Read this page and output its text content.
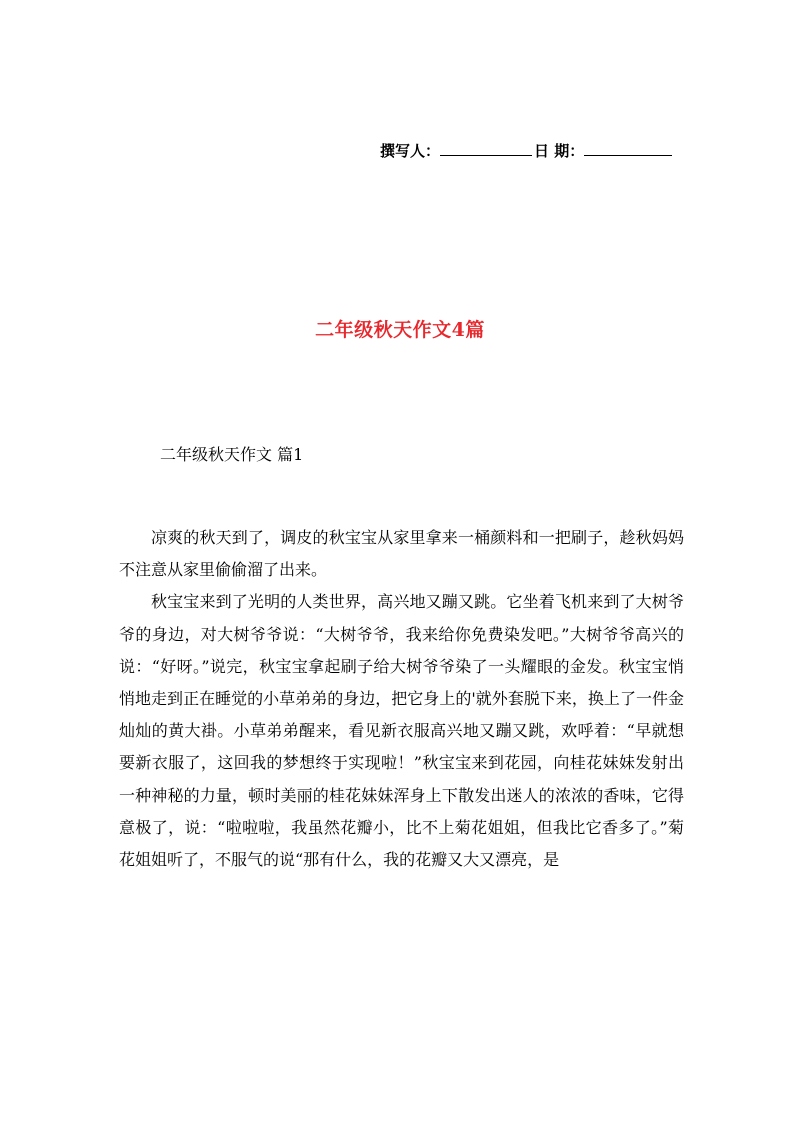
撰写人：	日 期：
二年级秋天作文4篇
二年级秋天作文 篇1

凉爽的秋天到了，调皮的秋宝宝从家里拿来一桶颜料和一把刷子，趁秋妈妈不注意从家里偷偷溜了出来。

秋宝宝来到了光明的人类世界，高兴地又蹦又跳。它坐着飞机来到了大树爷爷的身边，对大树爷爷说：“大树爷爷，我来给你免费染发吧。”大树爷爷高兴的说：“好呀。”说完，秋宝宝拿起刷子给大树爷爷染了一头耀眼的金发。秋宝宝悄悄地走到正在睡觉的小草弟弟的身边，把它身上的'就外套脱下来，换上了一件金灿灿的黄大褂。小草弟弟醒来，看见新衣服高兴地又蹦又跳，欢呼着：“早就想要新衣服了，这回我的梦想终于实现啦！”秋宝宝来到花园，向桂花妹妹发射出一种神秘的力量，顿时美丽的桂花妹妹浑身上下散发出迷人的浓浓的香味，它得意极了，说：“啦啦啦，我虽然花瓣小，比不上菊花姐姐，但我比它香多了。”菊花姐姐听了，不服气的说“那有什么，我的花瓣又大又漂亮，是
